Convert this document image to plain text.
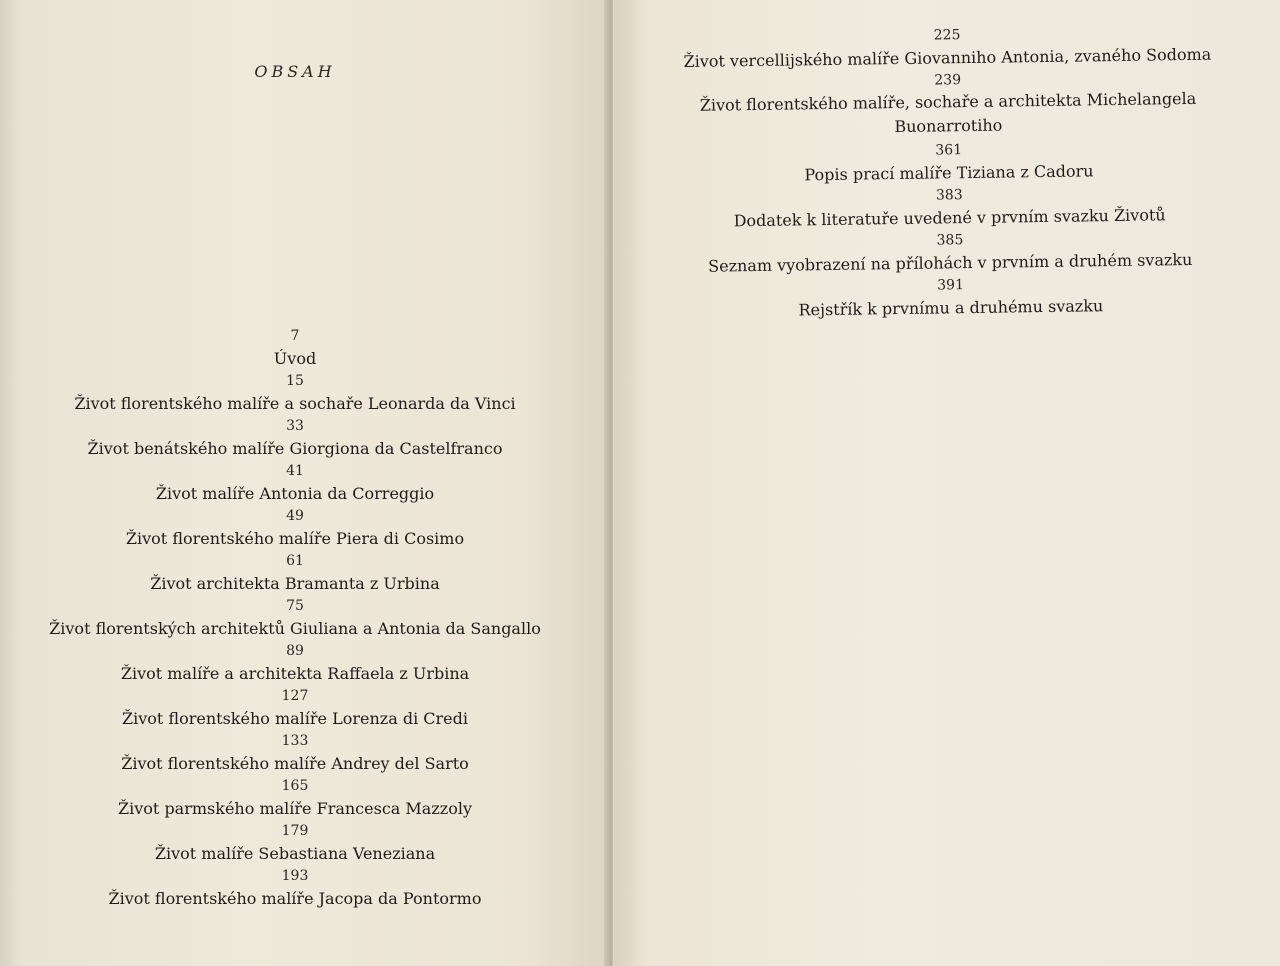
OBSAH
7
Úvod
15
Život florentského malíře a sochaře Leonarda da Vinci
33
Život benátského malíře Giorgiona da Castelfranco
41
Život malíře Antonia da Correggio
49
Život florentského malíře Piera di Cosimo
61
Život architekta Bramanta z Urbina
75
Život florentských architektů Giuliana a Antonia da Sangallo
89
Život malíře a architekta Raffaela z Urbina
127
Život florentského malíře Lorenza di Credi
133
Život florentského malíře Andrey del Sarto
165
Život parmského malíře Francesca Mazzoly
179
Život malíře Sebastiana Veneziana
193
Život florentského malíře Jacopa da Pontormo
225
Život vercellijského malíře Giovanniho Antonia, zvaného Sodoma
239
Život florentského malíře, sochaře a architekta Michelangela Buonarrotiho
361
Popis prací malíře Tiziana z Cadoru
383
Dodatek k literatuře uvedené v prvním svazku Životů
385
Seznam vyobrazení na přílohách v prvním a druhém svazku
391
Rejstřík k prvnímu a druhému svazku
